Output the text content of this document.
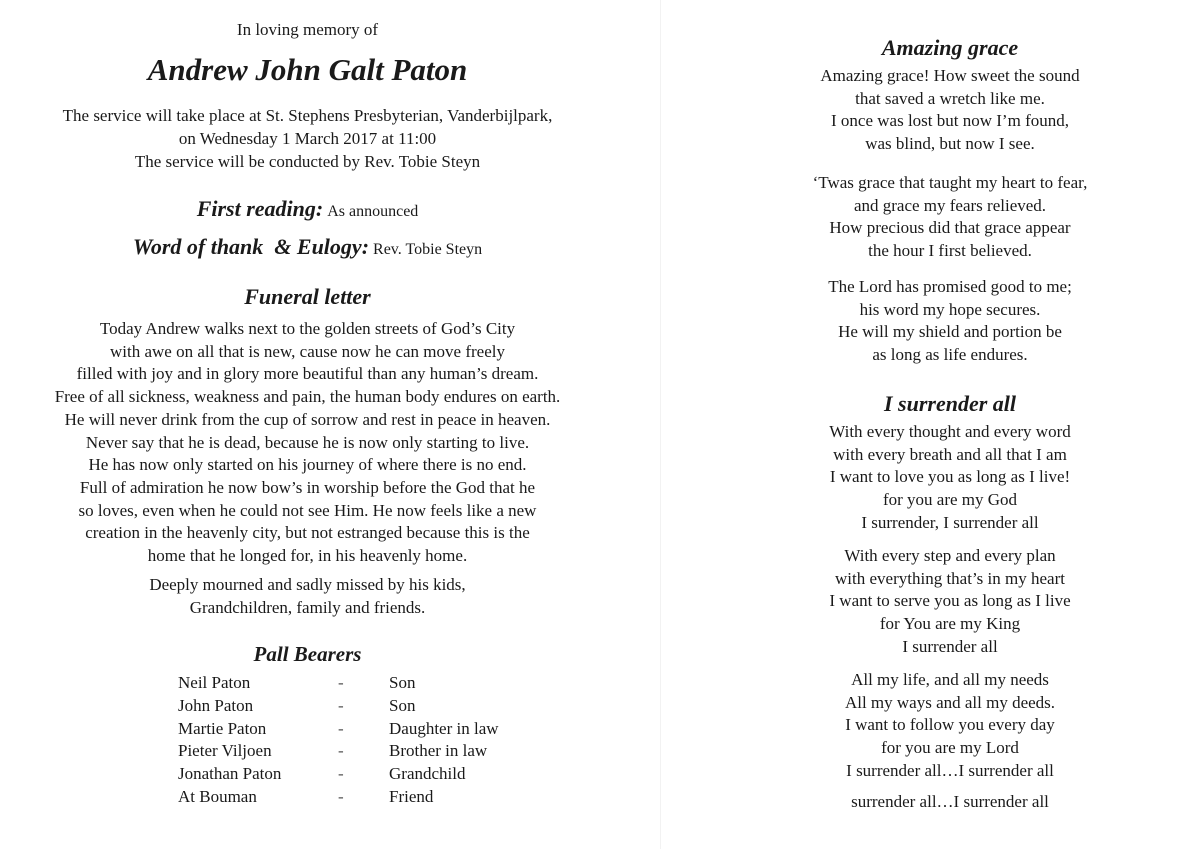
In loving memory of
Andrew John Galt Paton
The service will take place at St. Stephens Presbyterian, Vanderbijlpark,
on Wednesday 1 March 2017 at 11:00
The service will be conducted by Rev. Tobie Steyn
First reading: As announced
Word of thank  & Eulogy: Rev. Tobie Steyn
Funeral letter
Today Andrew walks next to the golden streets of God’s City
with awe on all that is new, cause now he can move freely
filled with joy and in glory more beautiful than any human’s dream.
Free of all sickness, weakness and pain, the human body endures on earth.
He will never drink from the cup of sorrow and rest in peace in heaven.
Never say that he is dead, because he is now only starting to live.
He has now only started on his journey of where there is no end.
Full of admiration he now bow’s in worship before the God that he
so loves, even when he could not see Him. He now feels like a new
creation in the heavenly city, but not estranged because this is the
home that he longed for, in his heavenly home.
Deeply mourned and sadly missed by his kids,
Grandchildren, family and friends.
Pall Bearers
Neil Paton	-	Son
John Paton	-	Son
Martie Paton	-	Daughter in law
Pieter Viljoen	-	Brother in law
Jonathan Paton	-	Grandchild
At Bouman	-	Friend
Amazing grace
Amazing grace! How sweet the sound
that saved a wretch like me.
I once was lost but now I’m found,
was blind, but now I see.
‘Twas grace that taught my heart to fear,
and grace my fears relieved.
How precious did that grace appear
the hour I first believed.
The Lord has promised good to me;
his word my hope secures.
He will my shield and portion be
as long as life endures.
I surrender all
With every thought and every word
with every breath and all that I am
I want to love you as long as I live!
for you are my God
I surrender, I surrender all
With every step and every plan
with everything that’s in my heart
I want to serve you as long as I live
for You are my King
I surrender all
All my life, and all my needs
All my ways and all my deeds.
I want to follow you every day
for you are my Lord
I surrender all…I surrender all
surrender all…I surrender all
